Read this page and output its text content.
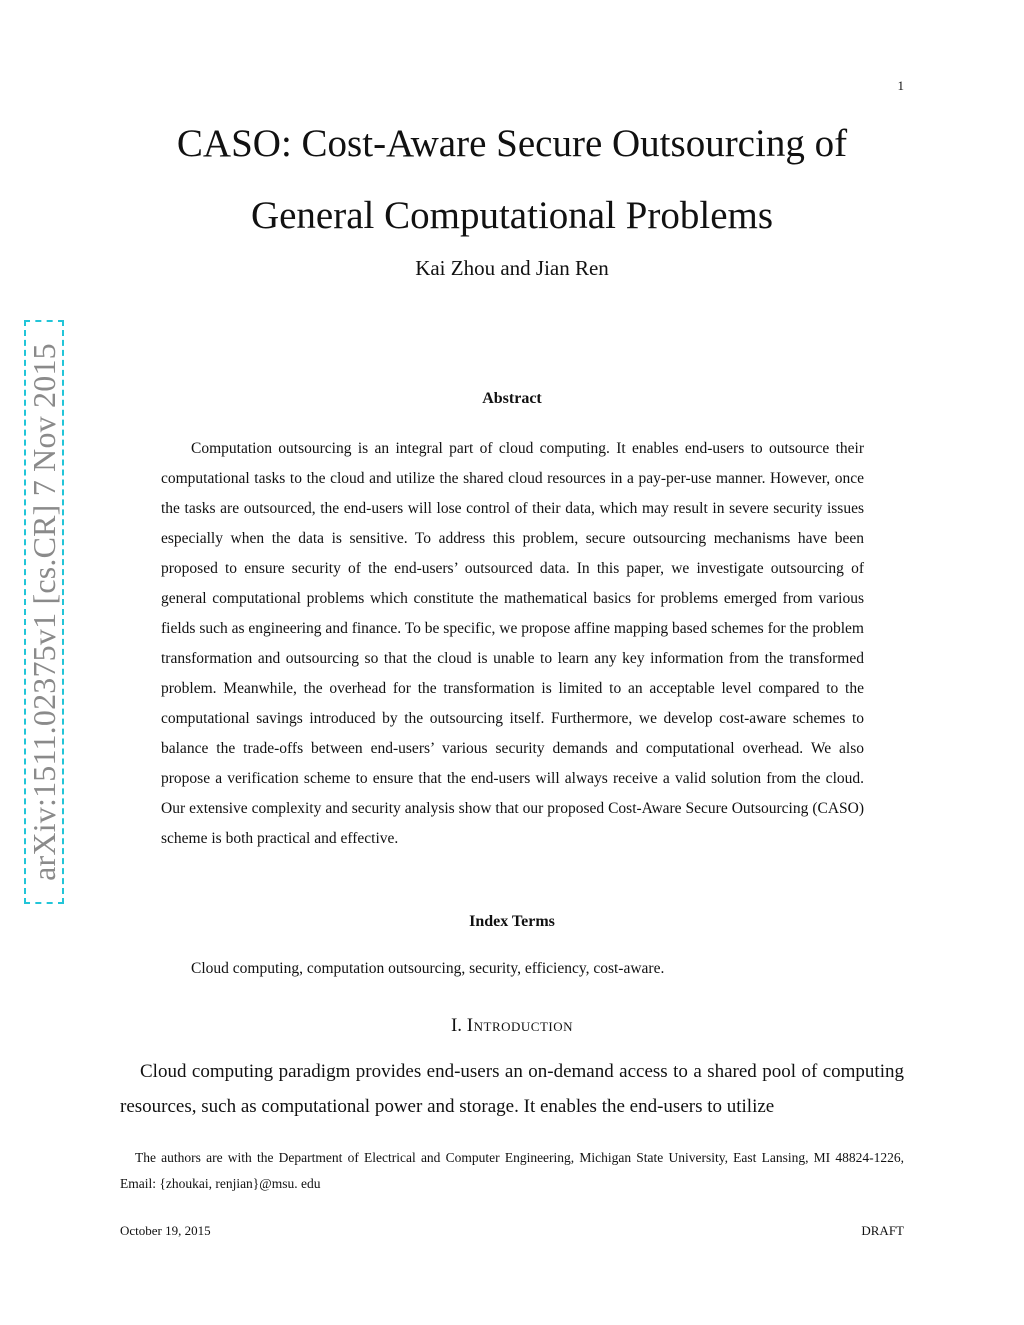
1
arXiv:1511.02375v1 [cs.CR] 7 Nov 2015
CASO: Cost-Aware Secure Outsourcing of
General Computational Problems
Kai Zhou and Jian Ren
Abstract

Computation outsourcing is an integral part of cloud computing. It enables end-users to outsource their computational tasks to the cloud and utilize the shared cloud resources in a pay-per-use manner. However, once the tasks are outsourced, the end-users will lose control of their data, which may result in severe security issues especially when the data is sensitive. To address this problem, secure outsourcing mechanisms have been proposed to ensure security of the end-users’ outsourced data. In this paper, we investigate outsourcing of general computational problems which constitute the mathematical basics for problems emerged from various fields such as engineering and finance. To be specific, we propose affine mapping based schemes for the problem transformation and outsourcing so that the cloud is unable to learn any key information from the transformed problem. Meanwhile, the overhead for the transformation is limited to an acceptable level compared to the computational savings introduced by the outsourcing itself. Furthermore, we develop cost-aware schemes to balance the trade-offs between end-users’ various security demands and computational overhead. We also propose a verification scheme to ensure that the end-users will always receive a valid solution from the cloud. Our extensive complexity and security analysis show that our proposed Cost-Aware Secure Outsourcing (CASO) scheme is both practical and effective.

Index Terms

Cloud computing, computation outsourcing, security, efficiency, cost-aware.

I. Introduction

Cloud computing paradigm provides end-users an on-demand access to a shared pool of computing resources, such as computational power and storage. It enables the end-users to utilize

The authors are with the Department of Electrical and Computer Engineering, Michigan State University, East Lansing, MI 48824-1226, Email: {zhoukai, renjian}@msu. edu

October 19, 2015	DRAFT
